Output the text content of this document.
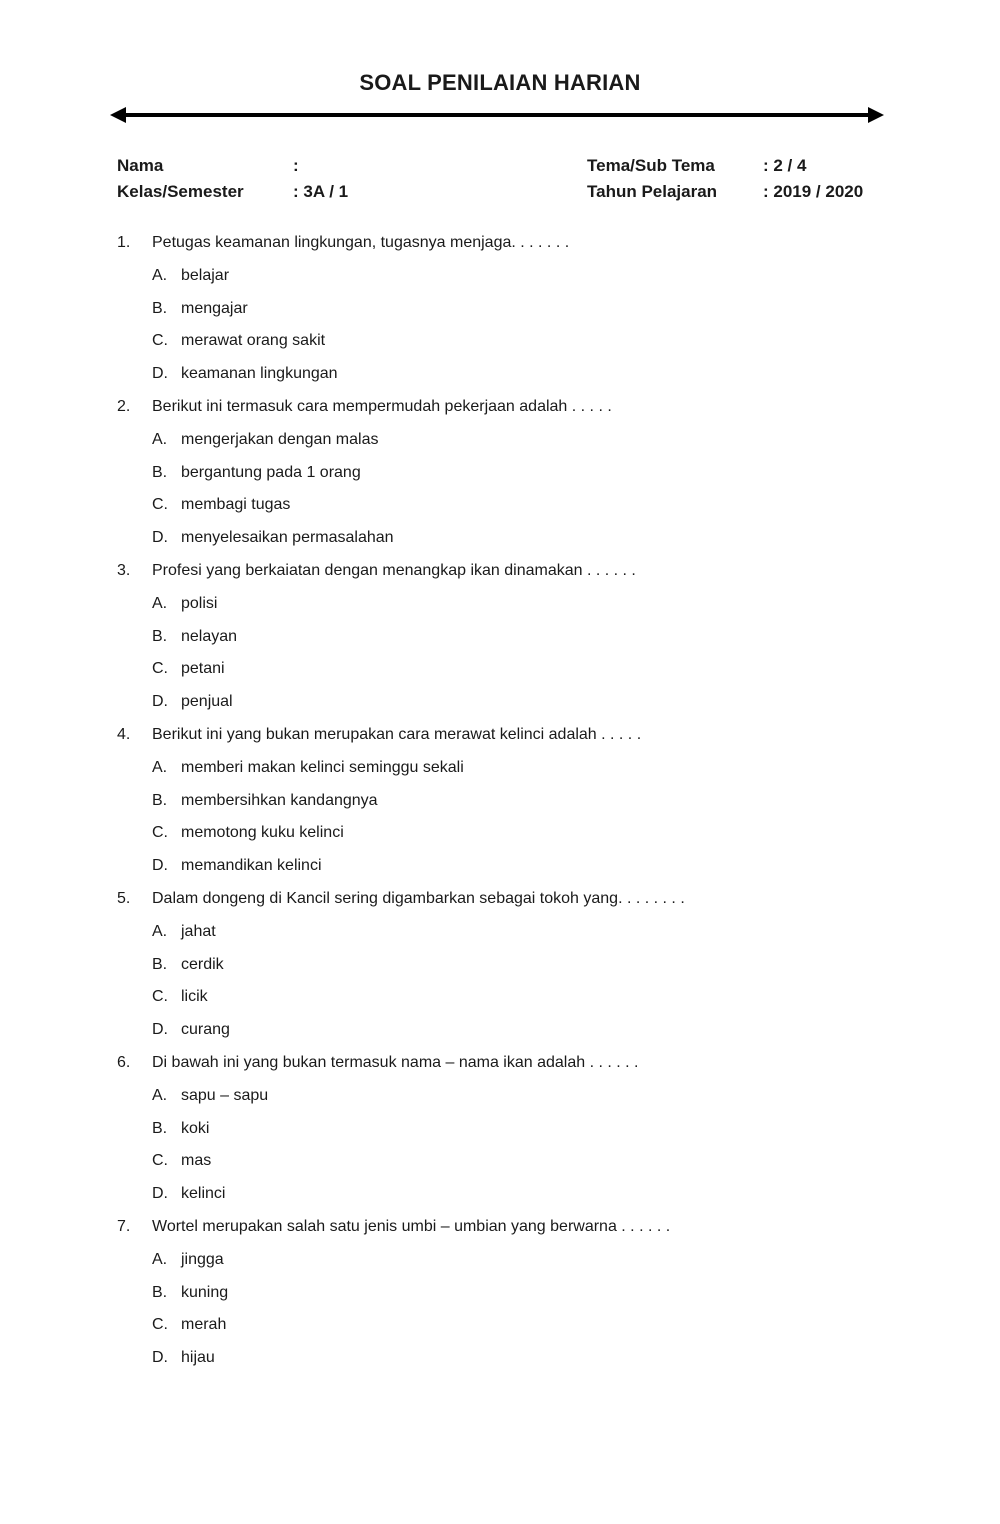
SOAL PENILAIAN HARIAN
Nama	:
Kelas/Semester	: 3A / 1
Tema/Sub Tema	: 2 / 4
Tahun Pelajaran	: 2019 / 2020
1. Petugas keamanan lingkungan, tugasnya menjaga. . . . . . .
A. belajar
B. mengajar
C. merawat orang sakit
D. keamanan lingkungan
2. Berikut ini termasuk cara mempermudah pekerjaan adalah . . . . .
A. mengerjakan dengan malas
B. bergantung pada 1 orang
C. membagi tugas
D. menyelesaikan permasalahan
3. Profesi yang berkaiatan dengan menangkap ikan dinamakan . . . . . .
A. polisi
B. nelayan
C. petani
D. penjual
4. Berikut ini yang bukan merupakan cara merawat kelinci adalah . . . . .
A. memberi makan kelinci seminggu sekali
B. membersihkan kandangnya
C. memotong kuku kelinci
D. memandikan kelinci
5. Dalam dongeng di Kancil sering digambarkan sebagai tokoh yang. . . . . . . .
A. jahat
B. cerdik
C. licik
D. curang
6. Di bawah ini yang bukan termasuk nama – nama ikan adalah . . . . . .
A. sapu – sapu
B. koki
C. mas
D. kelinci
7. Wortel merupakan salah satu jenis umbi – umbian yang berwarna . . . . . .
A. jingga
B. kuning
C. merah
D. hijau
